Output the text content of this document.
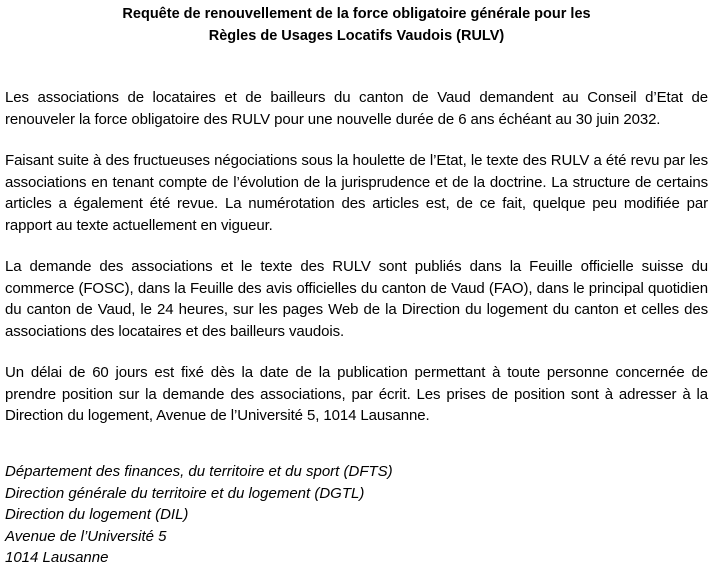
Requête de renouvellement de la force obligatoire générale pour les
Règles de Usages Locatifs Vaudois (RULV)

Les associations de locataires et de bailleurs du canton de Vaud demandent au Conseil d’Etat de renouveler la force obligatoire des RULV pour une nouvelle durée de 6 ans échéant au 30 juin 2032.

Faisant suite à des fructueuses négociations sous la houlette de l’Etat, le texte des RULV a été revu par les associations en tenant compte de l’évolution de la jurisprudence et de la doctrine. La structure de certains articles a également été revue. La numérotation des articles est, de ce fait, quelque peu modifiée par rapport au texte actuellement en vigueur.

La demande des associations et le texte des RULV sont publiés dans la Feuille officielle suisse du commerce (FOSC), dans la Feuille des avis officielles du canton de Vaud (FAO), dans le principal quotidien du canton de Vaud, le 24 heures, sur les pages Web de la Direction du logement du canton et celles des associations des locataires et des bailleurs vaudois.

Un délai de 60 jours est fixé dès la date de la publication permettant à toute personne concernée de prendre position sur la demande des associations, par écrit. Les prises de position sont à adresser à la Direction du logement, Avenue de l’Université 5, 1014 Lausanne.

Département des finances, du territoire et du sport (DFTS)
Direction générale du territoire et du logement (DGTL)
Direction du logement (DIL)
Avenue de l’Université 5
1014 Lausanne
